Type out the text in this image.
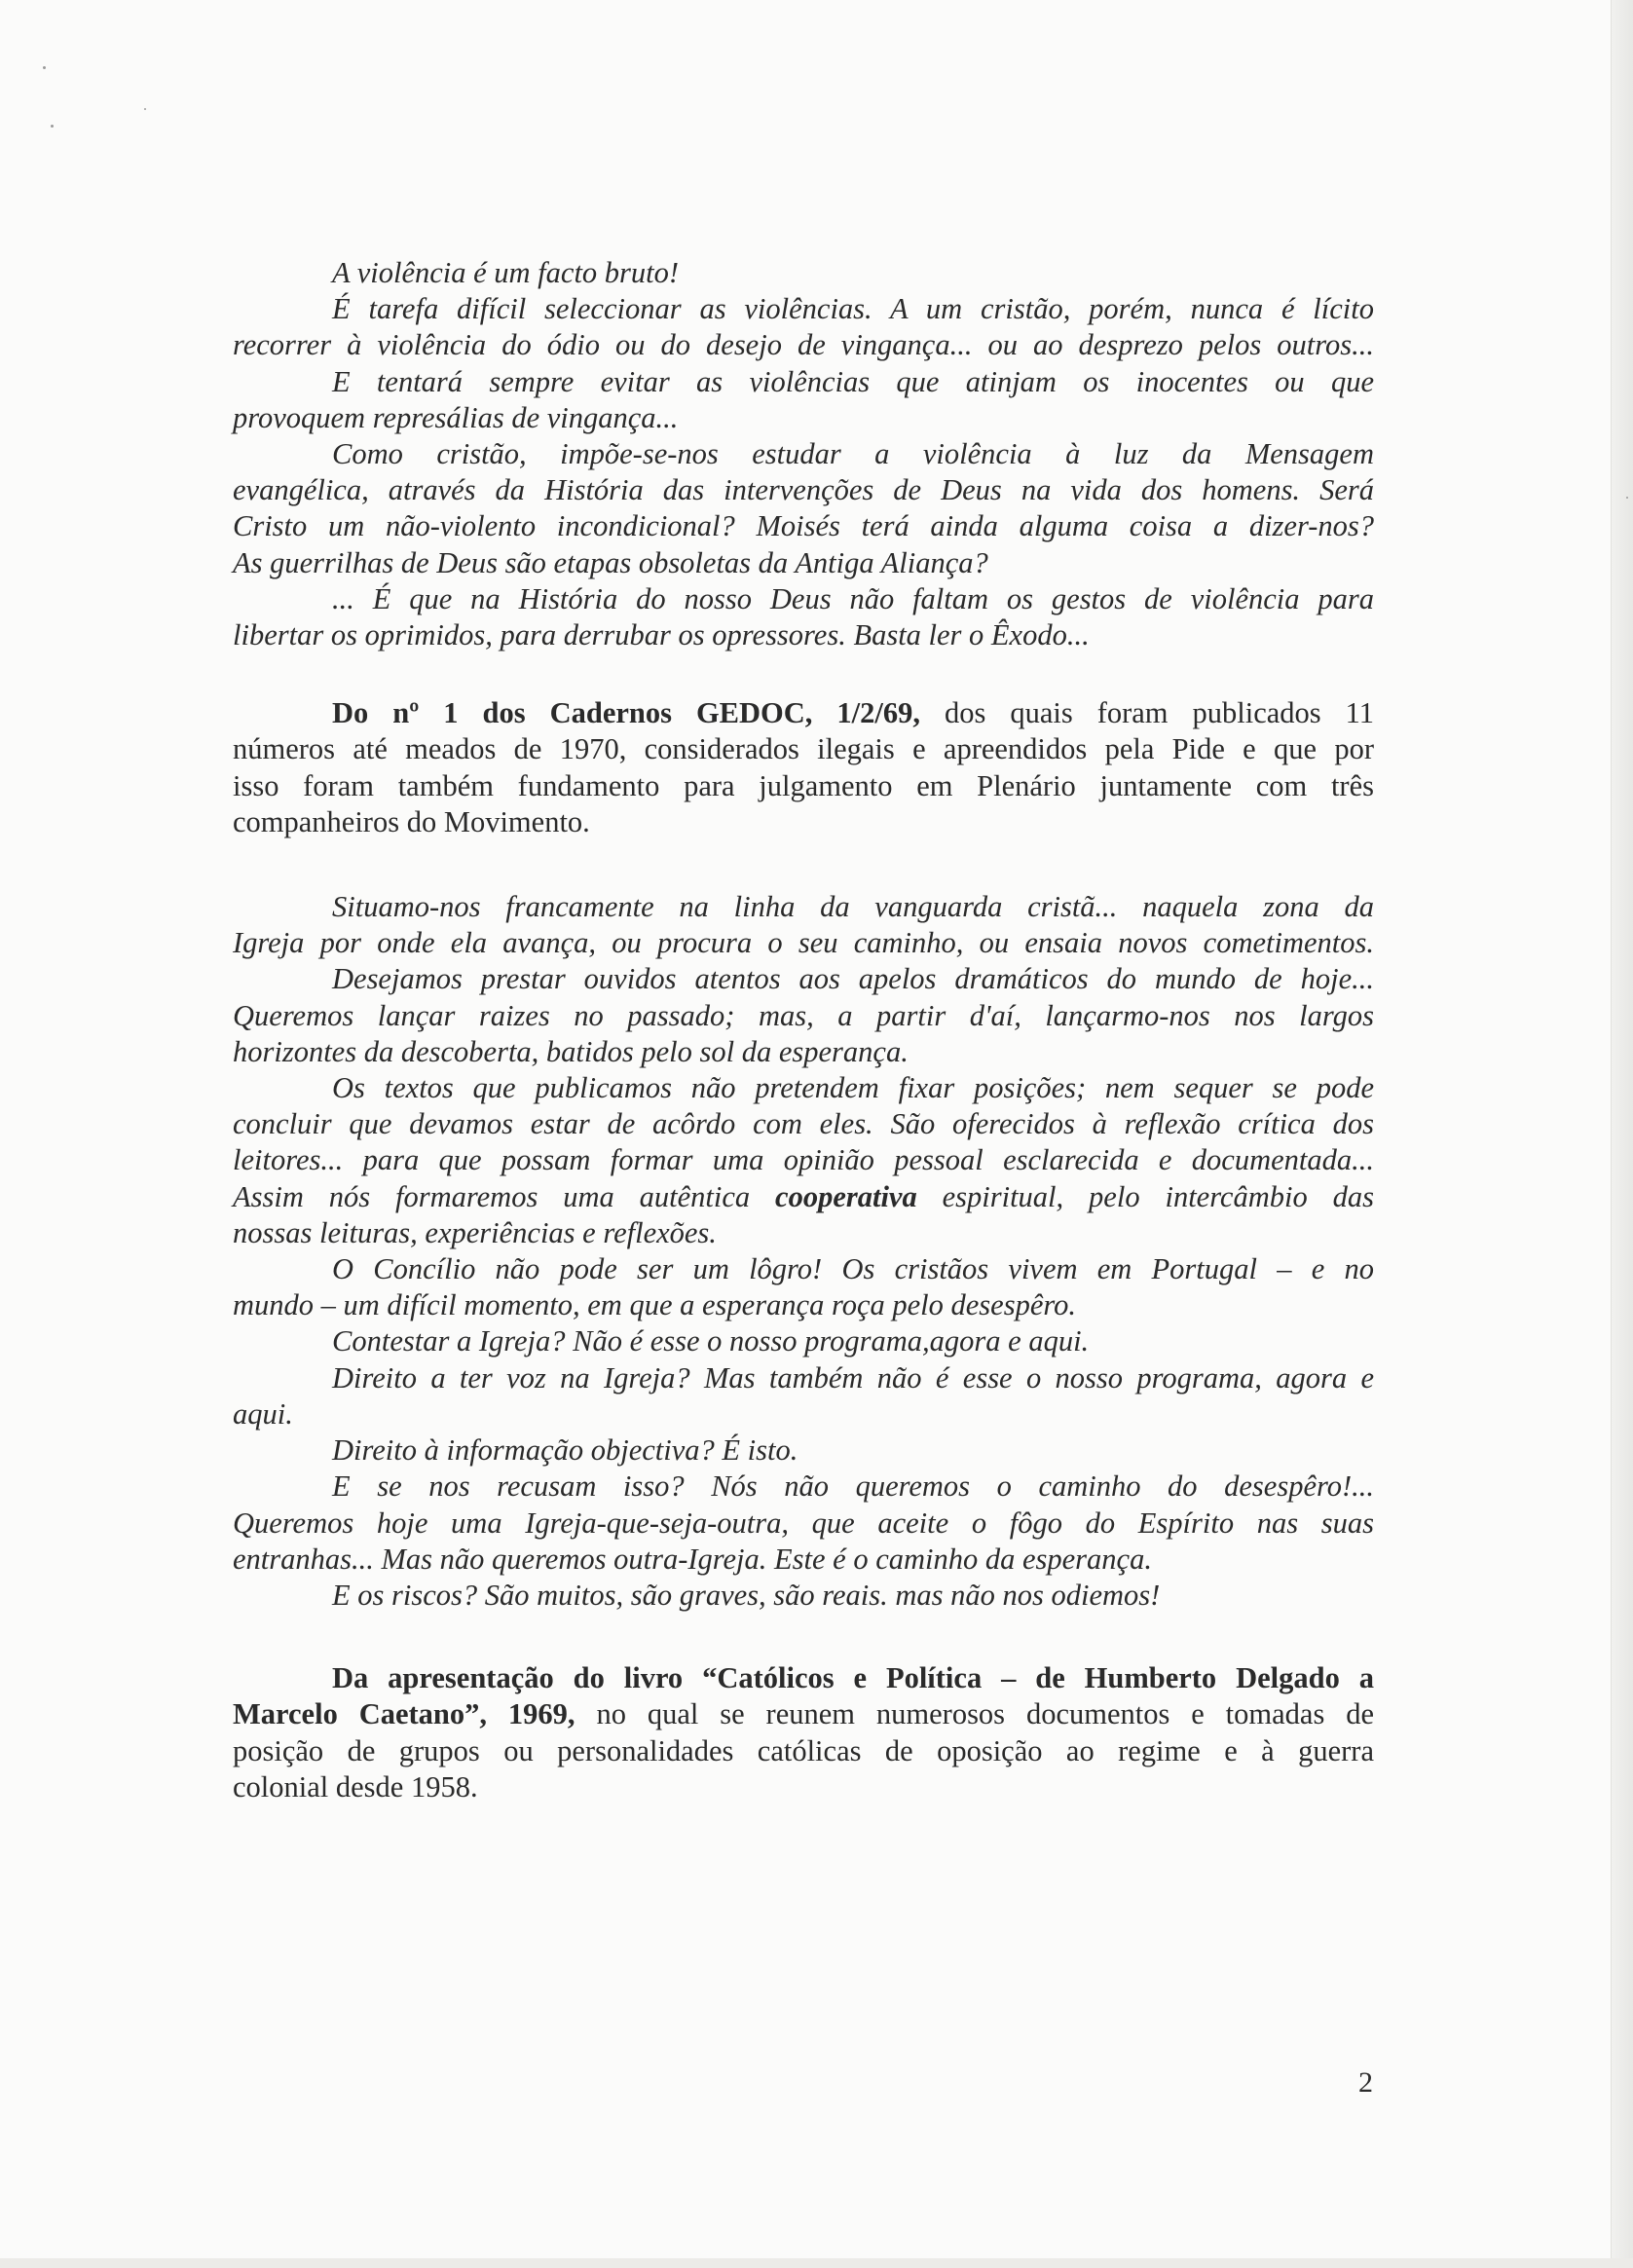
A violência é um facto bruto!
É tarefa difícil seleccionar as violências. A um cristão, porém, nunca é lícito
recorrer à violência do ódio ou do desejo de vingança... ou ao desprezo pelos outros...
E tentará sempre evitar as violências que atinjam os inocentes ou que
provoquem represálias de vingança...
Como cristão, impõe-se-nos estudar a violência à luz da Mensagem
evangélica, através da História das intervenções de Deus na vida dos homens. Será
Cristo um não-violento incondicional? Moisés terá ainda alguma coisa a dizer-nos?
As guerrilhas de Deus são etapas obsoletas da Antiga Aliança?
... É que na História do nosso Deus não faltam os gestos de violência para
libertar os oprimidos, para derrubar os opressores. Basta ler o Êxodo...
Do nº 1 dos Cadernos GEDOC, 1/2/69, dos quais foram publicados 11
números até meados de 1970, considerados ilegais e apreendidos pela Pide e que por
isso foram também fundamento para julgamento em Plenário juntamente com três
companheiros do Movimento.
Situamo-nos francamente na linha da vanguarda cristã... naquela zona da
Igreja por onde ela avança, ou procura o seu caminho, ou ensaia novos cometimentos.
Desejamos prestar ouvidos atentos aos apelos dramáticos do mundo de hoje...
Queremos lançar raizes no passado; mas, a partir d'aí, lançarmo-nos nos largos
horizontes da descoberta, batidos pelo sol da esperança.
Os textos que publicamos não pretendem fixar posições; nem sequer se pode
concluir que devamos estar de acôrdo com eles. São oferecidos à reflexão crítica dos
leitores... para que possam formar uma opinião pessoal esclarecida e documentada...
Assim nós formaremos uma autêntica cooperativa espiritual, pelo intercâmbio das
nossas leituras, experiências e reflexões.
O Concílio não pode ser um lôgro! Os cristãos vivem em Portugal – e no
mundo – um difícil momento, em que a esperança roça pelo desespêro.
Contestar a Igreja? Não é esse o nosso programa,agora e aqui.
Direito a ter voz na Igreja? Mas também não é esse o nosso programa, agora e
aqui.
Direito à informação objectiva? É isto.
E se nos recusam isso? Nós não queremos o caminho do desespêro!...
Queremos hoje uma Igreja-que-seja-outra, que aceite o fôgo do Espírito nas suas
entranhas... Mas não queremos outra-Igreja. Este é o caminho da esperança.
E os riscos? São muitos, são graves, são reais. mas não nos odiemos!
Da apresentação do livro “Católicos e Política – de Humberto Delgado a
Marcelo Caetano”, 1969, no qual se reunem numerosos documentos e tomadas de
posição de grupos ou personalidades católicas de oposição ao regime e à guerra
colonial desde 1958.
2
